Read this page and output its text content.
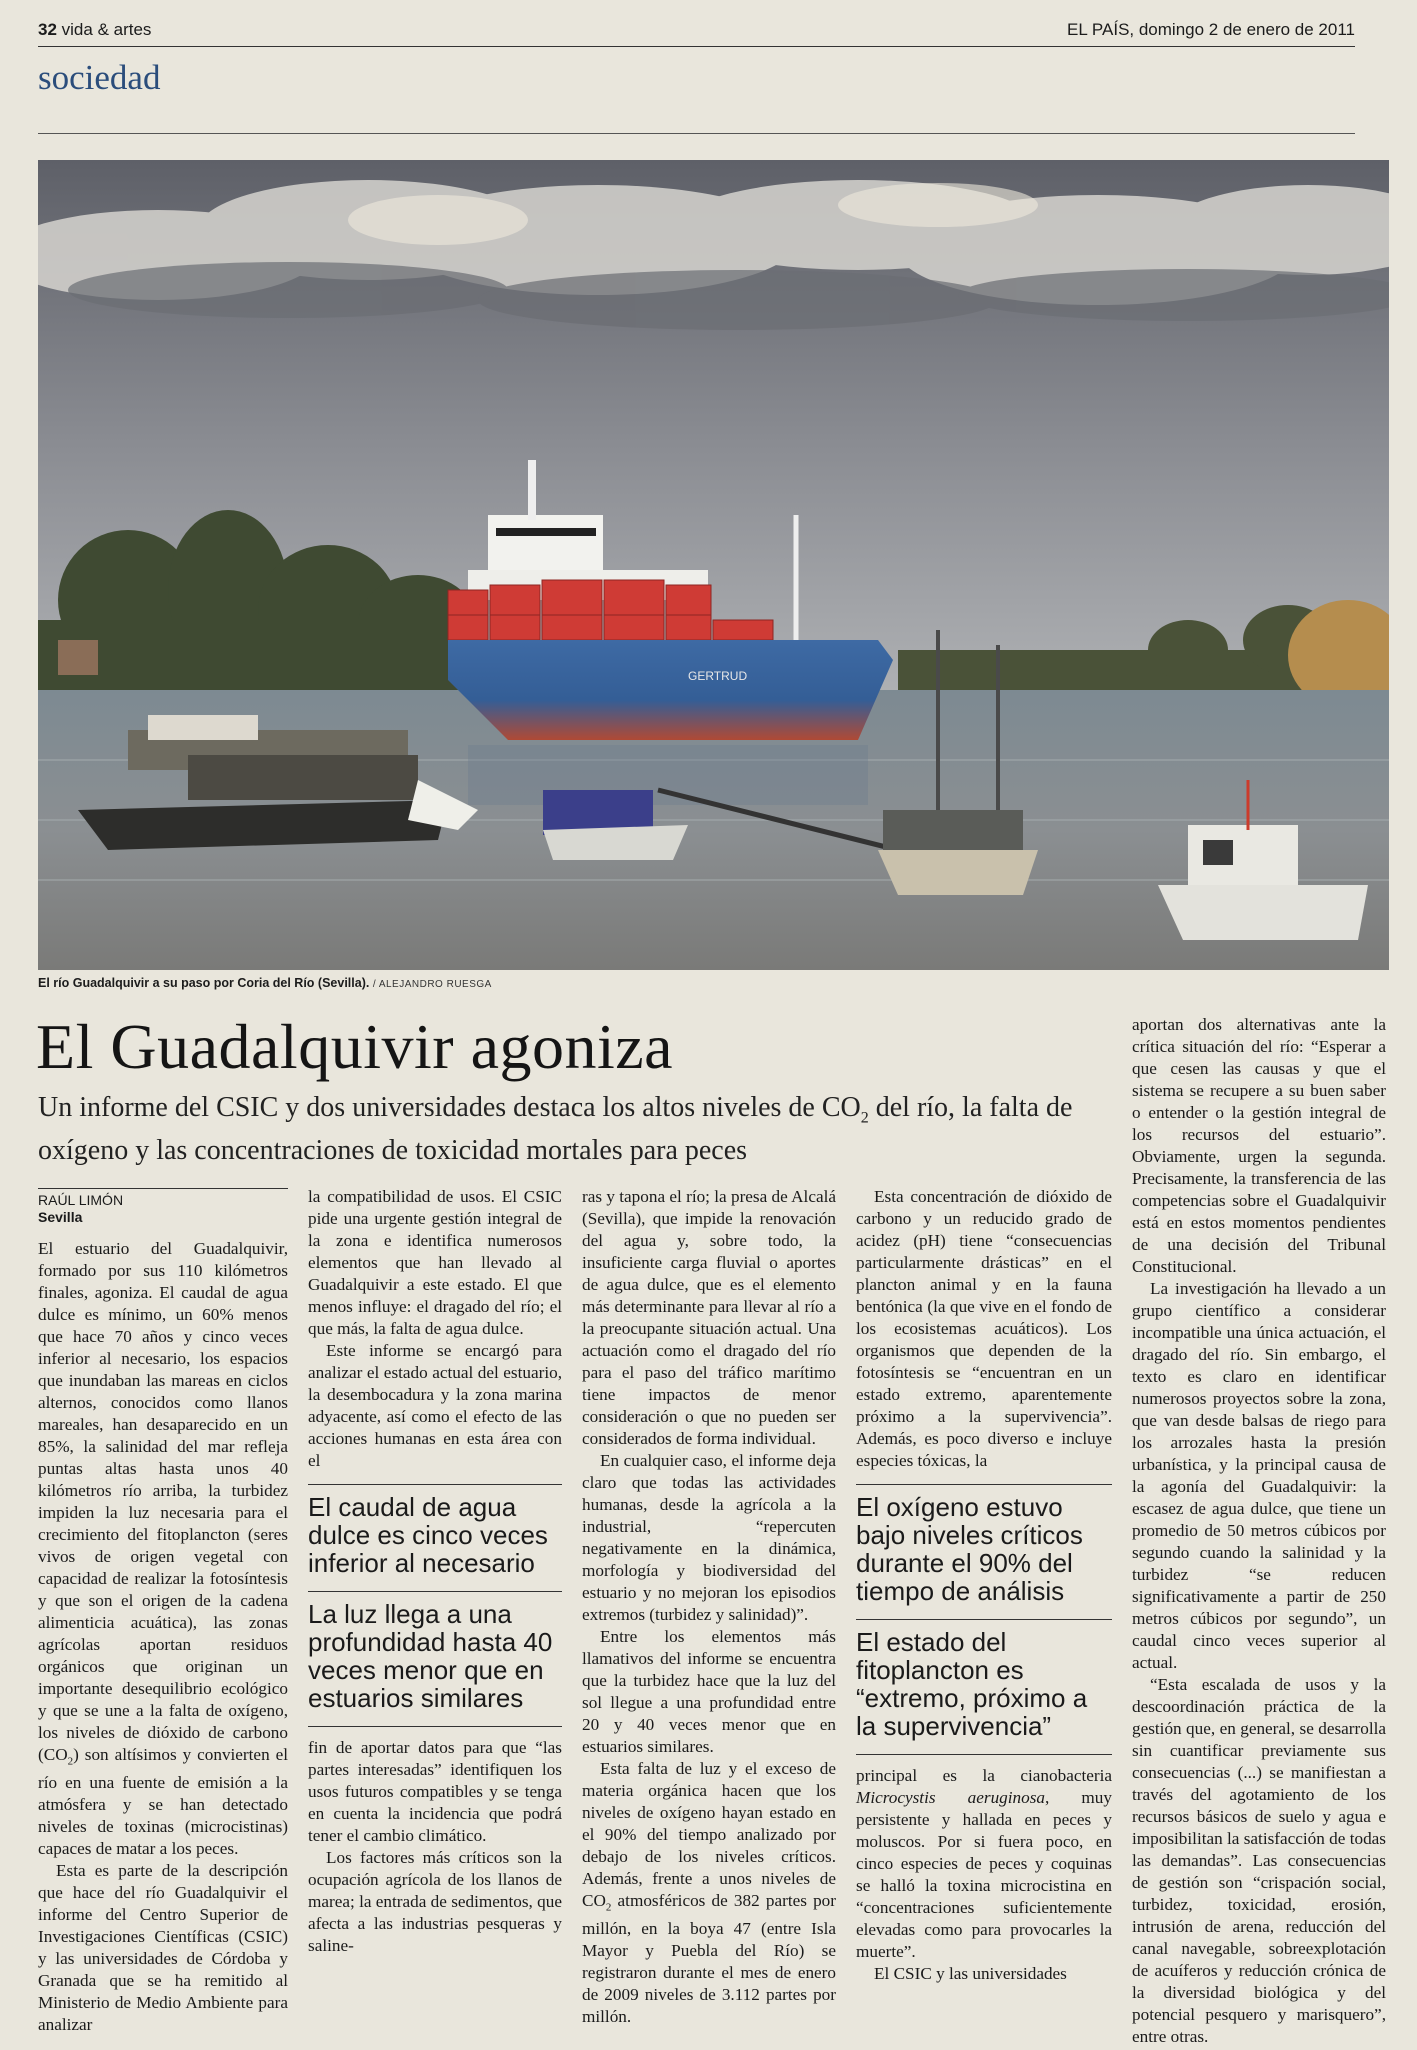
32 vida & artes	EL PAÍS, domingo 2 de enero de 2011
sociedad
GERTRUD
El río Guadalquivir a su paso por Coria del Río (Sevilla). / ALEJANDRO RUESGA
El Guadalquivir agoniza
Un informe del CSIC y dos universidades destaca los altos niveles de $CO_2$ del río, la falta de oxígeno y las concentraciones de toxicidad mortales para peces
RAÚL LIMÓN
Sevilla

El estuario del Guadalquivir, formado por sus 110 kilómetros finales, agoniza. El caudal de agua dulce es mínimo, un 60% menos que hace 70 años y cinco veces inferior al necesario, los espacios que inundaban las mareas en ciclos alternos, conocidos como llanos mareales, han desaparecido en un 85%, la salinidad del mar refleja puntas altas hasta unos 40 kilómetros río arriba, la turbidez impiden la luz necesaria para el crecimiento del fitoplancton (seres vivos de origen vegetal con capacidad de realizar la fotosíntesis y que son el origen de la cadena alimenticia acuática), las zonas agrícolas aportan residuos orgánicos que originan un importante desequilibrio ecológico y que se une a la falta de oxígeno, los niveles de dióxido de carbono $(CO_2)$ son altísimos y convierten el río en una fuente de emisión a la atmósfera y se han detectado niveles de toxinas (microcistinas) capaces de matar a los peces.

Esta es parte de la descripción que hace del río Guadalquivir el informe del Centro Superior de Investigaciones Científicas (CSIC) y las universidades de Córdoba y Granada que se ha remitido al Ministerio de Medio Ambiente para analizar

la compatibilidad de usos. El CSIC pide una urgente gestión integral de la zona e identifica numerosos elementos que han llevado al Guadalquivir a este estado. El que menos influye: el dragado del río; el que más, la falta de agua dulce.

Este informe se encargó para analizar el estado actual del estuario, la desembocadura y la zona marina adyacente, así como el efecto de las acciones humanas en esta área con el

El caudal de agua dulce es cinco veces inferior al necesario
La luz llega a una profundidad hasta 40 veces menor que en estuarios similares

fin de aportar datos para que “las partes interesadas” identifiquen los usos futuros compatibles y se tenga en cuenta la incidencia que podrá tener el cambio climático.

Los factores más críticos son la ocupación agrícola de los llanos de marea; la entrada de sedimentos, que afecta a las industrias pesqueras y saline-

ras y tapona el río; la presa de Alcalá (Sevilla), que impide la renovación del agua y, sobre todo, la insuficiente carga fluvial o aportes de agua dulce, que es el elemento más determinante para llevar al río a la preocupante situación actual. Una actuación como el dragado del río para el paso del tráfico marítimo tiene impactos de menor consideración o que no pueden ser considerados de forma individual.

En cualquier caso, el informe deja claro que todas las actividades humanas, desde la agrícola a la industrial, “repercuten negativamente en la dinámica, morfología y biodiversidad del estuario y no mejoran los episodios extremos (turbidez y salinidad)”.

Entre los elementos más llamativos del informe se encuentra que la turbidez hace que la luz del sol llegue a una profundidad entre 20 y 40 veces menor que en estuarios similares.

Esta falta de luz y el exceso de materia orgánica hacen que los niveles de oxígeno hayan estado en el 90% del tiempo analizado por debajo de los niveles críticos. Además, frente a unos niveles de $CO_2$ atmosféricos de 382 partes por millón, en la boya 47 (entre Isla Mayor y Puebla del Río) se registraron durante el mes de enero de 2009 niveles de 3.112 partes por millón.

Esta concentración de dióxido de carbono y un reducido grado de acidez (pH) tiene “consecuencias particularmente drásticas” en el plancton animal y en la fauna bentónica (la que vive en el fondo de los ecosistemas acuáticos). Los organismos que dependen de la fotosíntesis se “encuentran en un estado extremo, aparentemente próximo a la supervivencia”. Además, es poco diverso e incluye especies tóxicas, la

El oxígeno estuvo bajo niveles críticos durante el 90% del tiempo de análisis
El estado del fitoplancton es “extremo, próximo a la supervivencia”

principal es la cianobacteria Microcystis aeruginosa, muy persistente y hallada en peces y moluscos. Por si fuera poco, en cinco especies de peces y coquinas se halló la toxina microcistina en “concentraciones suficientemente elevadas como para provocarles la muerte”.

El CSIC y las universidades

aportan dos alternativas ante la crítica situación del río: “Esperar a que cesen las causas y que el sistema se recupere a su buen saber o entender o la gestión integral de los recursos del estuario”. Obviamente, urgen la segunda. Precisamente, la transferencia de las competencias sobre el Guadalquivir está en estos momentos pendientes de una decisión del Tribunal Constitucional.

La investigación ha llevado a un grupo científico a considerar incompatible una única actuación, el dragado del río. Sin embargo, el texto es claro en identificar numerosos proyectos sobre la zona, que van desde balsas de riego para los arrozales hasta la presión urbanística, y la principal causa de la agonía del Guadalquivir: la escasez de agua dulce, que tiene un promedio de 50 metros cúbicos por segundo cuando la salinidad y la turbidez “se reducen significativamente a partir de 250 metros cúbicos por segundo”, un caudal cinco veces superior al actual.

“Esta escalada de usos y la descoordinación práctica de la gestión que, en general, se desarrolla sin cuantificar previamente sus consecuencias (...) se manifiestan a través del agotamiento de los recursos básicos de suelo y agua e imposibilitan la satisfacción de todas las demandas”. Las consecuencias de gestión son “crispación social, turbidez, toxicidad, erosión, intrusión de arena, reducción del canal navegable, sobreexplotación de acuíferos y reducción crónica de la diversidad biológica y del potencial pesquero y marisquero”, entre otras.
